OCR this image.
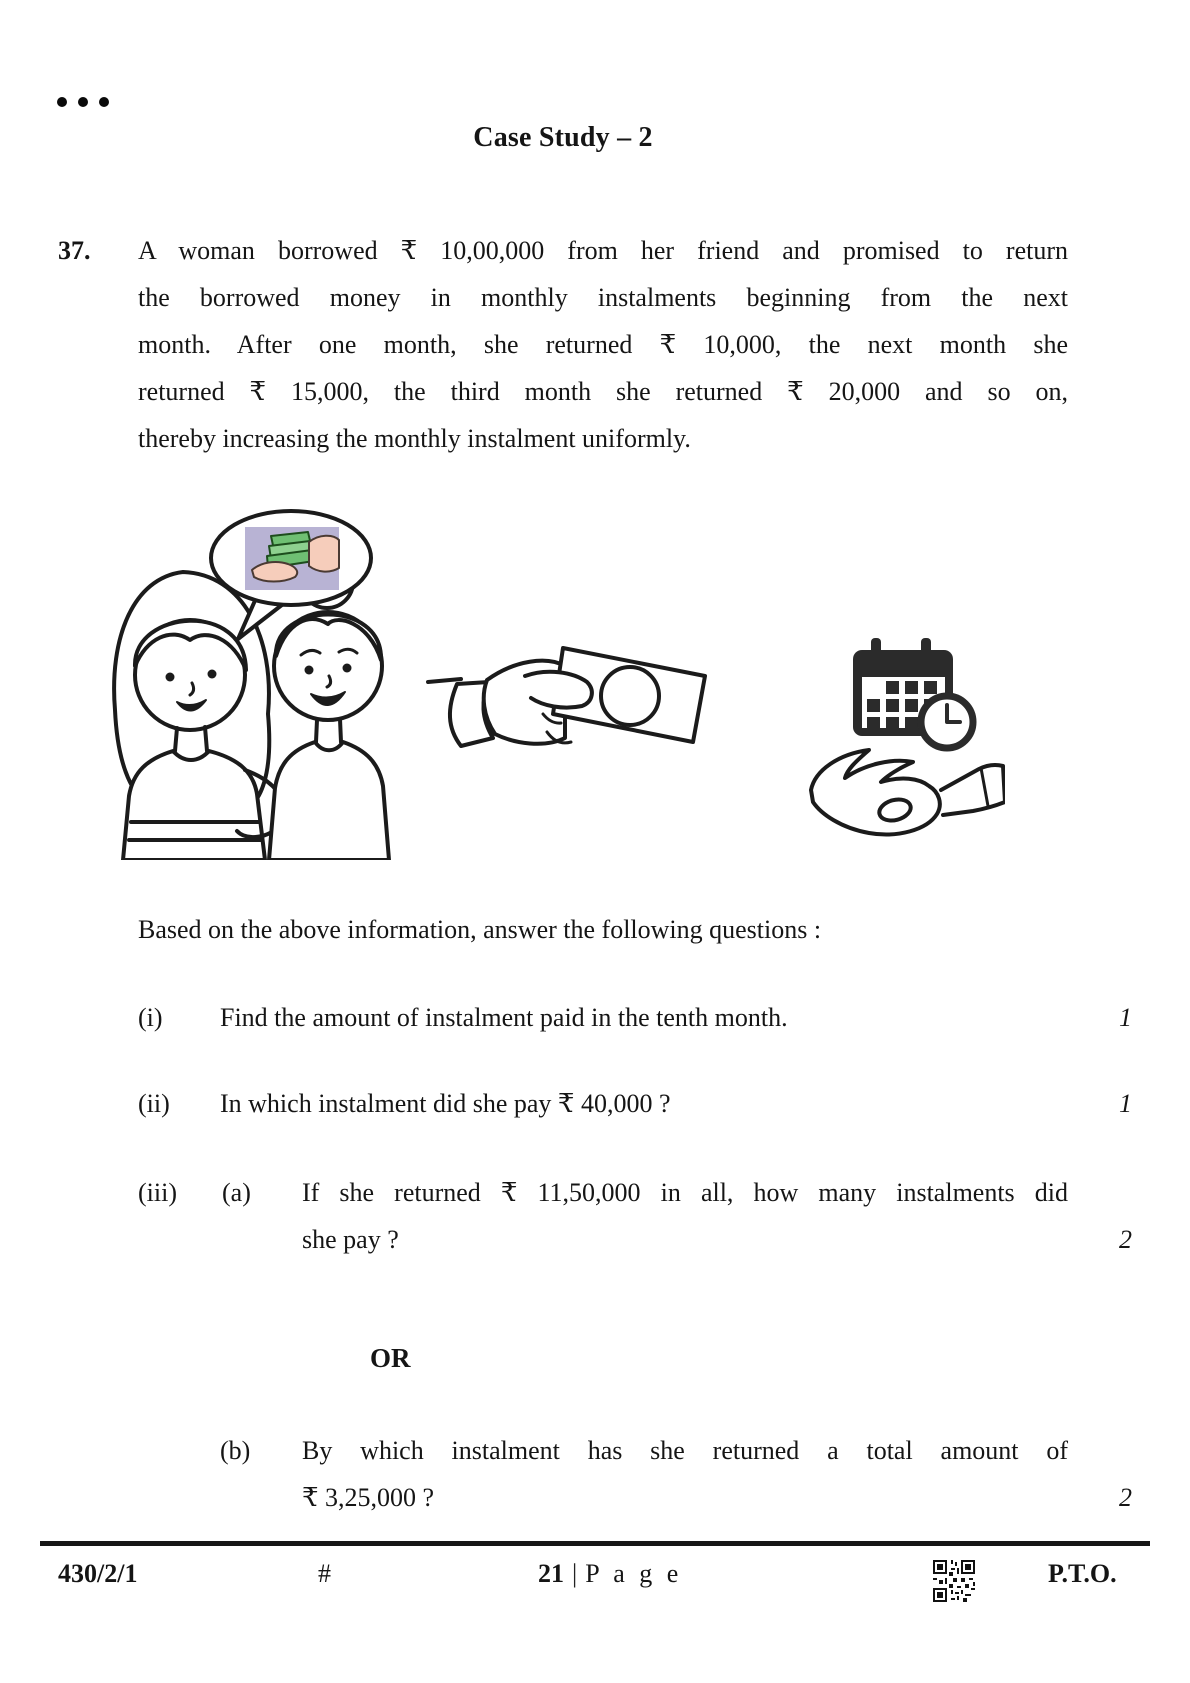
Case Study – 2
37. A woman borrowed ₹ 10,00,000 from her friend and promised to return
the borrowed money in monthly instalments beginning from the next
month. After one month, she returned ₹ 10,000, the next month she
returned ₹ 15,000, the third month she returned ₹ 20,000 and so on,
thereby increasing the monthly instalment uniformly.
Based on the above information, answer the following questions :
(i) Find the amount of instalment paid in the tenth month.	1
(ii) In which instalment did she pay ₹ 40,000 ?	1
(iii) (a) If she returned ₹ 11,50,000 in all, how many instalments did
she pay ?	2
OR
(b) By which instalment has she returned a total amount of
₹ 3,25,000 ?	2
430/2/1	#	21 | P a g e	P.T.O.
